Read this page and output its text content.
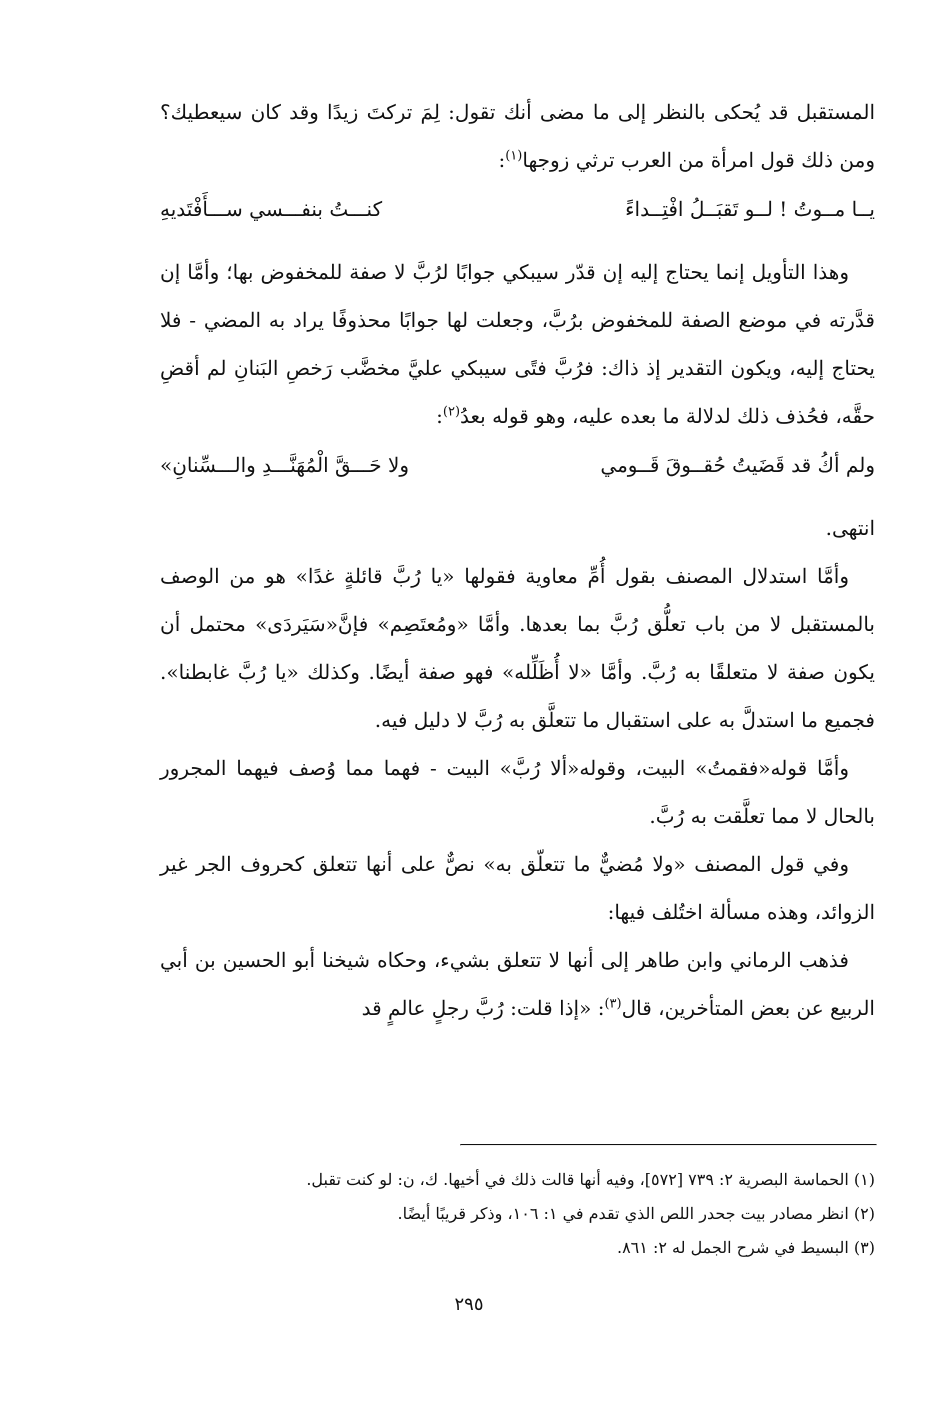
المستقبل قد يُحكى بالنظر إلى ما مضى أنك تقول: لِمَ تركتَ زيدًا وقد كان سيعطيك؟ ومن ذلك قول امرأة من العرب ترثي زوجها$^{(١)}$:

يــا مــوتُ ! لــو تَقبَــلُ افْتِــداءً
كنـــتُ بنفـــسي ســـأَفْتَديهِ

وهذا التأويل إنما يحتاج إليه إن قدّر سيبكي جوابًا لرُبَّ لا صفة للمخفوض بها؛ وأمَّا إن قدَّرته في موضع الصفة للمخفوض برُبَّ، وجعلت لها جوابًا محذوفًا يراد به المضي - فلا يحتاج إليه، ويكون التقدير إذ ذاك: فرُبَّ فتًى سيبكي عليَّ مخضَّب رَخصِ البَنانِ لم أقضِ حقَّه، فحُذف ذلك لدلالة ما بعده عليه، وهو قوله بعدُ$^{(٢)}$:

ولم أكُ قد قَضَيتُ حُقــوقَ قَــومي
ولا حَـــقَّ الْمُهَنَّـــدِ والـــسِّنانِ»

انتهى.

وأمَّا استدلال المصنف بقول أُمِّ معاوية فقولها «يا رُبَّ قائلةٍ غدًا» هو من الوصف بالمستقبل لا من باب تعلُّق رُبَّ بما بعدها. وأمَّا «ومُعتَصِم» فإنَّ«سَيَردَى» محتمل أن يكون صفة لا متعلقًا به رُبَّ. وأمَّا «لا أُظَلِّله» فهو صفة أيضًا. وكذلك «يا رُبَّ غابطنا». فجميع ما استدلَّ به على استقبال ما تتعلَّق به رُبَّ لا دليل فيه.

وأمَّا قوله«فقمتُ» البيت، وقوله«ألا رُبَّ» البيت - فهما مما وُصف فيهما المجرور بالحال لا مما تعلَّقت به رُبَّ.

وفي قول المصنف «ولا مُضيٌّ ما تتعلّق به» نصٌّ على أنها تتعلق كحروف الجر غير الزوائد، وهذه مسألة اختُلف فيها:

فذهب الرماني وابن طاهر إلى أنها لا تتعلق بشيء، وحكاه شيخنا أبو الحسين بن أبي الربيع عن بعض المتأخرين، قال$^{(٣)}$: «إذا قلت: رُبَّ رجلٍ عالمٍ قد

(١) الحماسة البصرية ٢: ٧٣٩ [٥٧٢]، وفيه أنها قالت ذلك في أخيها. ك، ن: لو كنت تقبل.
(٢) انظر مصادر بيت جحدر اللص الذي تقدم في ١: ١٠٦، وذكر قريبًا أيضًا.
(٣) البسيط في شرح الجمل له ٢: ٨٦١.
٢٩٥
